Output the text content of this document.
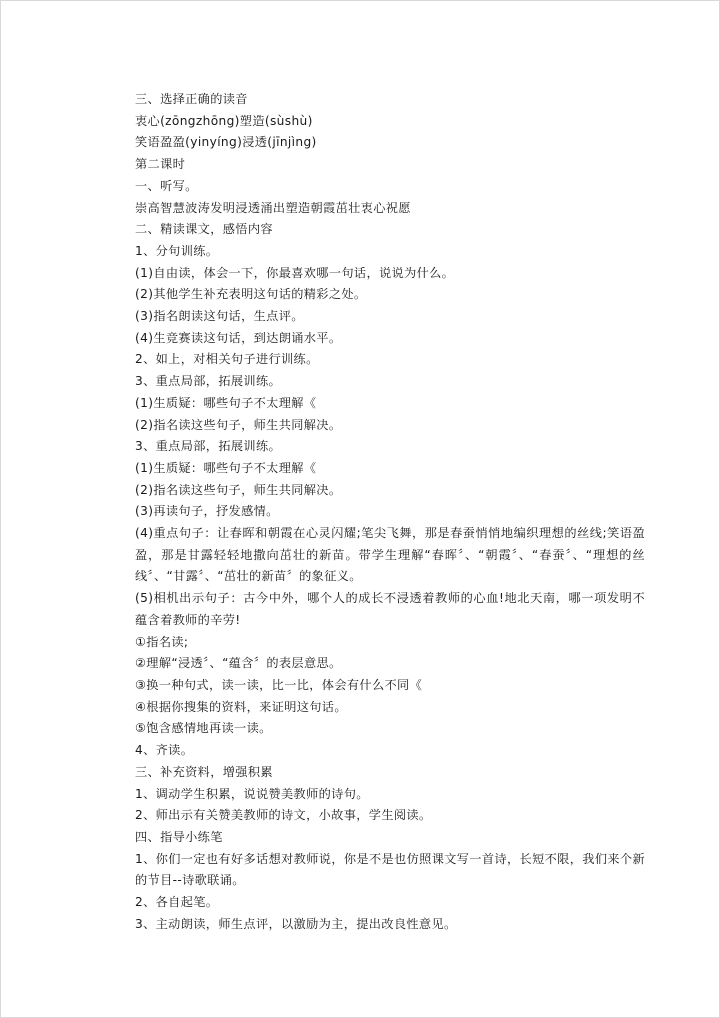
三、选择正确的读音
衷心(zōngzhōng)塑造(sùshù)
笑语盈盈(yinyíng)浸透(jīnjìng)
第二课时
一、听写。
崇高智慧波涛发明浸透涌出塑造朝霞茁壮衷心祝愿
二、精读课文，感悟内容
1、分句训练。
(1)自由读，体会一下，你最喜欢哪一句话，说说为什么。
(2)其他学生补充表明这句话的精彩之处。
(3)指名朗读这句话，生点评。
(4)生竞赛读这句话，到达朗诵水平。
2、如上，对相关句子进行训练。
3、重点局部，拓展训练。
(1)生质疑：哪些句子不太理解《
(2)指名读这些句子，师生共同解决。
3、重点局部，拓展训练。
(1)生质疑：哪些句子不太理解《
(2)指名读这些句子，师生共同解决。
(3)再读句子，抒发感情。
(4)重点句子：让春晖和朝霞在心灵闪耀;笔尖飞舞，那是春蚕悄悄地编织理想的丝线;笑语盈盈，那是甘露轻轻地撒向茁壮的新苗。带学生理解“春晖〞、“朝霞〞、“春蚕〞、“理想的丝线〞、“甘露〞、“茁壮的新苗〞的象征义。
(5)相机出示句子：古今中外，哪个人的成长不浸透着教师的心血!地北天南，哪一项发明不蕴含着教师的辛劳!
①指名读;
②理解“浸透〞、“蕴含〞的表层意思。
③换一种句式，读一读，比一比，体会有什么不同《
④根据你搜集的资料，来证明这句话。
⑤饱含感情地再读一读。
4、齐读。
三、补充资料，增强积累
1、调动学生积累，说说赞美教师的诗句。
2、师出示有关赞美教师的诗文，小故事，学生阅读。
四、指导小练笔
1、你们一定也有好多话想对教师说，你是不是也仿照课文写一首诗，长短不限，我们来个新的节目--诗歌联诵。
2、各自起笔。
3、主动朗读，师生点评，以激励为主，提出改良性意见。
